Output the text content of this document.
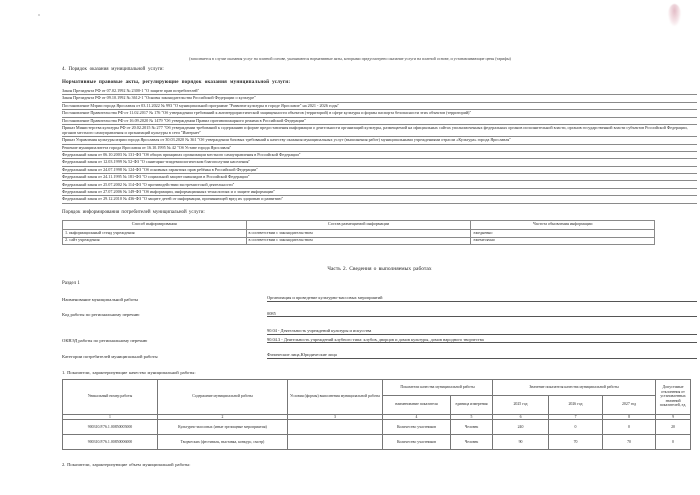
(заполняется в случае оказания услуг на платной основе, указываются нормативные акты, которыми предусмотрено оказание услуги на платной основе, и устанавливающие цены (тарифы)
4. Порядок оказания муниципальной услуги:
Нормативные правовые акты, регулирующие порядок оказания муниципальной услуги:
Закон Президента РФ от 07.02.1992 № 2300-1 "О защите прав потребителей"
Закон Президента РФ от 09.10.1992 № 3612-1 "Основы законодательства Российской Федерации о культуре"
Постановление Мэрии города Ярославля от 03.11.2022 № 993 "О муниципальной программе "Развитие культуры в городе Ярославле" на 2021 - 2026 годы"
Постановление Правительства РФ от 11.02.2017 № 176 "Об утверждении требований к антитеррористической защищенности объектов (территорий) в сфере культуры и формы паспорта безопасности этих объектов (территорий)"
Постановление Правительства РФ от 16.09.2020 № 1479 "Об утверждении Правил противопожарного режима в Российской Федерации"
Приказ Министерства культуры РФ от 20.02.2015 № 277 "Об утверждении требований к содержанию и форме предоставления информации о деятельности организаций культуры, размещаемой на официальных сайтах уполномоченных федеральных органов исполнительной власти, органов государственной власти субъектов Российской Федерации, органов местного самоуправления и организаций культуры в сети "Интернет"
Приказ Управления культуры мэрии города Ярославля от 30.03.2020 № 361 "Об утверждении базовых требований к качеству оказания муниципальных услуг (выполнения работ) муниципальными учреждениями отрасли «Культура» города Ярославля"
Решение муниципалитета города Ярославля от 16.10.1995 № 42 "Об Уставе города Ярославля"
Федеральный закон от 06.10.2003 № 131-ФЗ "Об общих принципах организации местного самоуправления в Российской Федерации"
Федеральный закон от 12.03.1999 № 52-ФЗ "О санитарно-эпидемиологическом благополучии населения"
Федеральный закон от 24.07.1998 № 124-ФЗ "Об основных гарантиях прав ребёнка в Российской Федерации"
Федеральный закон от 24.11.1995 № 181-ФЗ "О социальной защите инвалидов в Российской Федерации"
Федеральный закон от 25.07.2002 № 114-ФЗ "О противодействии экстремистской деятельности"
Федеральный закон от 27.07.2006 № 149-ФЗ "Об информации, информационных технологиях и о защите информации"
Федеральный закон от 29.12.2010 № 436-ФЗ "О защите детей от информации, причиняющей вред их здоровью и развитию"
Порядок информирования потребителей муниципальной услуги:
Способ информирования	Состав размещаемой информации	Частота обновления информации
1. информационный стенд учреждения	в соответствии с законодательством	ежедневно
2. сайт учреждения	в соответствии с законодательством	ежемесячно
Часть 2. Сведения о выполняемых работах
Раздел 1
Наименование муниципальной работы	Организация и проведение культурно-массовых мероприятий
Код работы по региональному перечню	0085
ОКВЭД работы по региональному перечню
90.04 - Деятельность учреждений культуры и искусства
90.04.3 - Деятельность учреждений клубного типа: клубов, дворцов и домов культуры, домов народного творчества
Категории потребителей муниципальной работы	Физические лица,Юридические лица
1. Показатели, характеризующие качество муниципальной работы:
Уникальный номер работы	Содержание муниципальной работы	Условия (формы) выполнения муниципальной работы	Показатели качества муниципальной работы		Значение показателя качества муниципальной работы			Допустимые отклонения от установленных значений показателей, ед.
			наименование показателя	единица измерения	2025 год	2026 год	2027 год	
1	2	3	4	5	6	7	8	9
900310.Р.76.1.00850005000	Культурно-массовых (иные зрелищные мероприятия)		Количество участников	Человек	240	0	0	20
900310.Р.76.1.00850006000	Творческих (фестиваль, выставка, конкурс, смотр)		Количество участников	Человек	90	70	70	0
2. Показатели, характеризующие объем муниципальной работы:
